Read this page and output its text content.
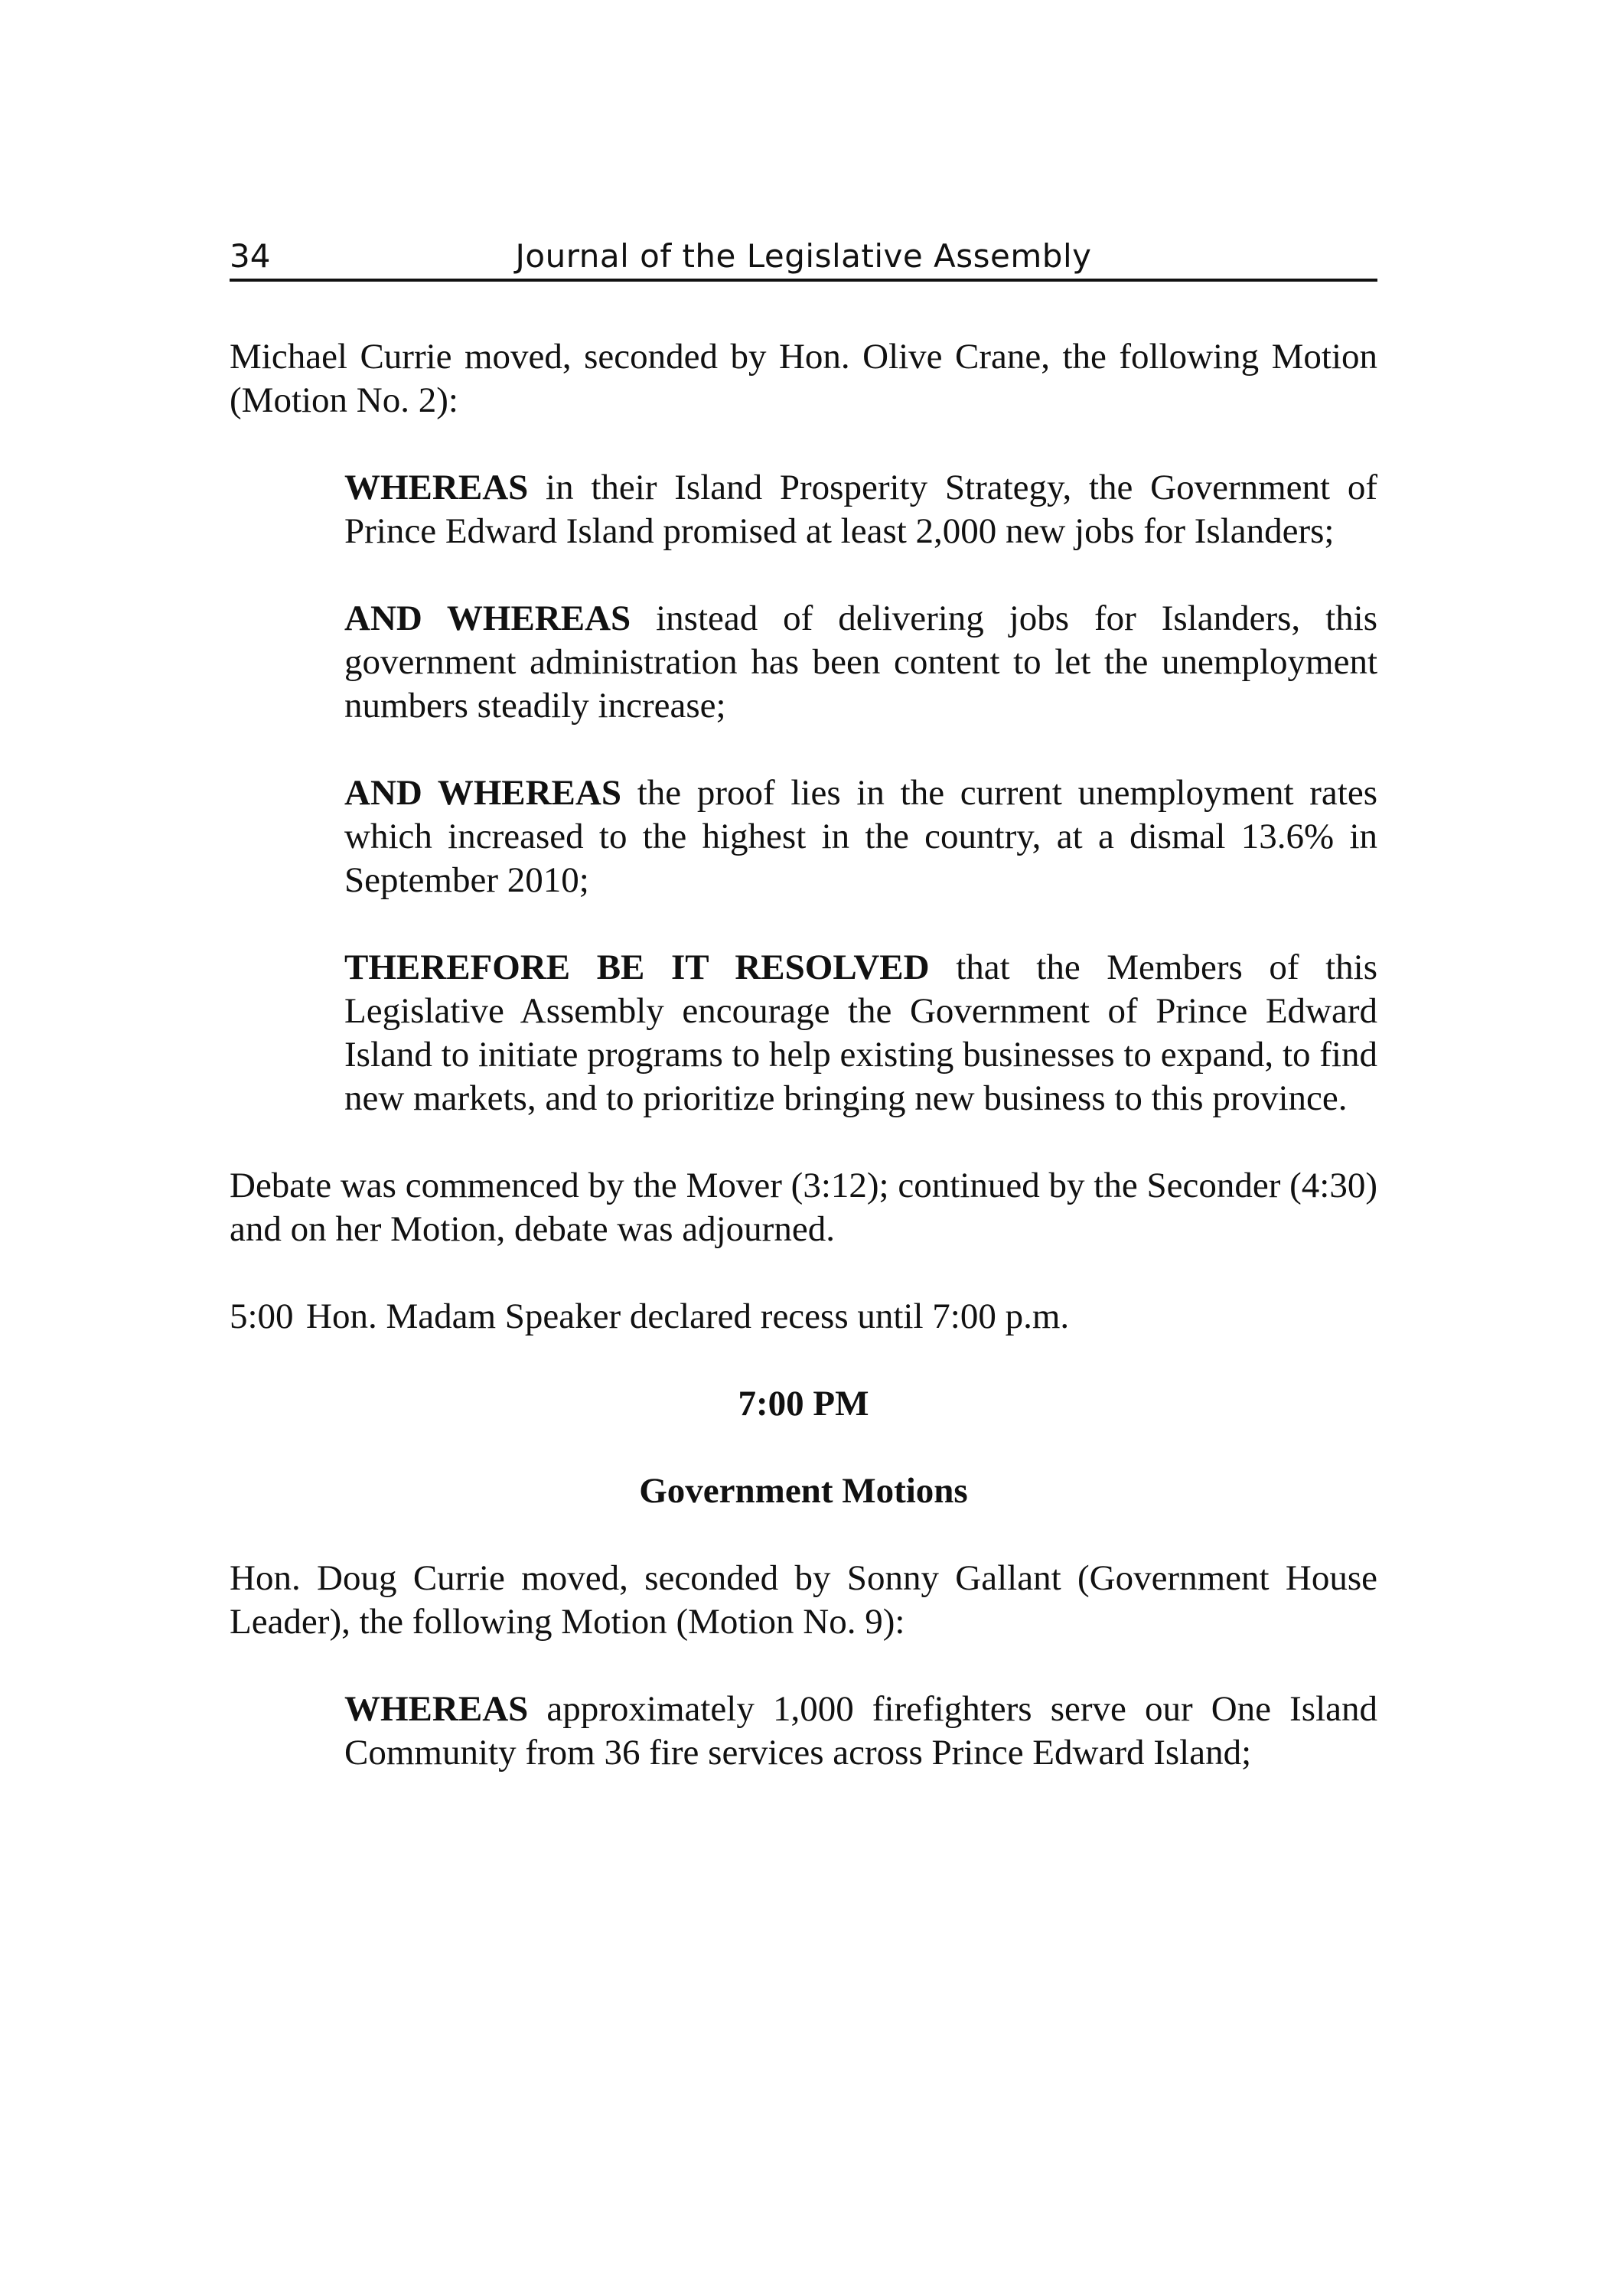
34	Journal of the Legislative Assembly

Michael Currie moved, seconded by Hon. Olive Crane, the following Motion (Motion No. 2):

WHEREAS in their Island Prosperity Strategy, the Government of Prince Edward Island promised at least 2,000 new jobs for Islanders;

AND WHEREAS instead of delivering jobs for Islanders, this government administration has been content to let the unemployment numbers steadily increase;

AND WHEREAS the proof lies in the current unemployment rates which increased to the highest in the country, at a dismal 13.6% in September 2010;

THEREFORE BE IT RESOLVED that the Members of this Legislative Assembly encourage the Government of Prince Edward Island to initiate programs to help existing businesses to expand, to find new markets, and to prioritize bringing new business to this province.

Debate was commenced by the Mover (3:12); continued by the Seconder (4:30) and on her Motion, debate was adjourned.

5:00 Hon. Madam Speaker declared recess until 7:00 p.m.

7:00 PM
Government Motions

Hon. Doug Currie moved, seconded by Sonny Gallant (Government House Leader), the following Motion (Motion No. 9):

WHEREAS approximately 1,000 firefighters serve our One Island Community from 36 fire services across Prince Edward Island;
